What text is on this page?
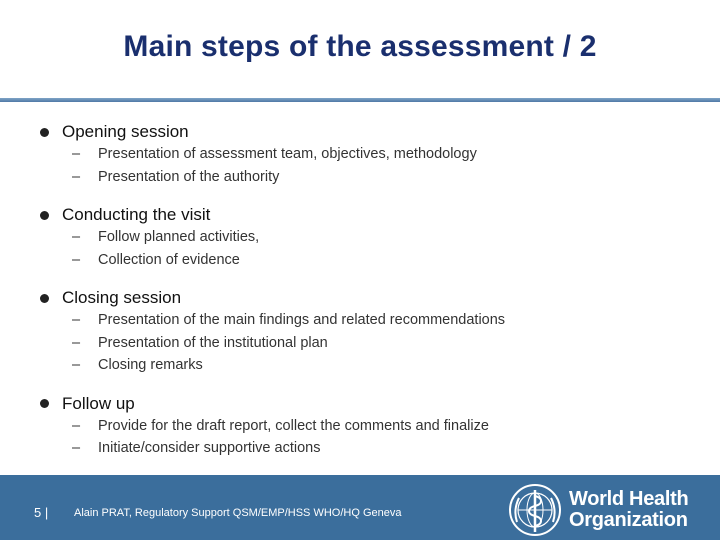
Main steps of the assessment / 2
Opening session
–	Presentation of assessment team, objectives, methodology
–	Presentation of the authority
Conducting the visit
–	Follow planned activities,
–	Collection of evidence
Closing session
–	Presentation of the main findings and related recommendations
–	Presentation of the institutional plan
–	Closing remarks
Follow up
–	Provide for the draft report, collect the comments and finalize
–	Initiate/consider supportive actions
5 | Alain PRAT, Regulatory Support QSM/EMP/HSS WHO/HQ Geneva
World Health
Organization
